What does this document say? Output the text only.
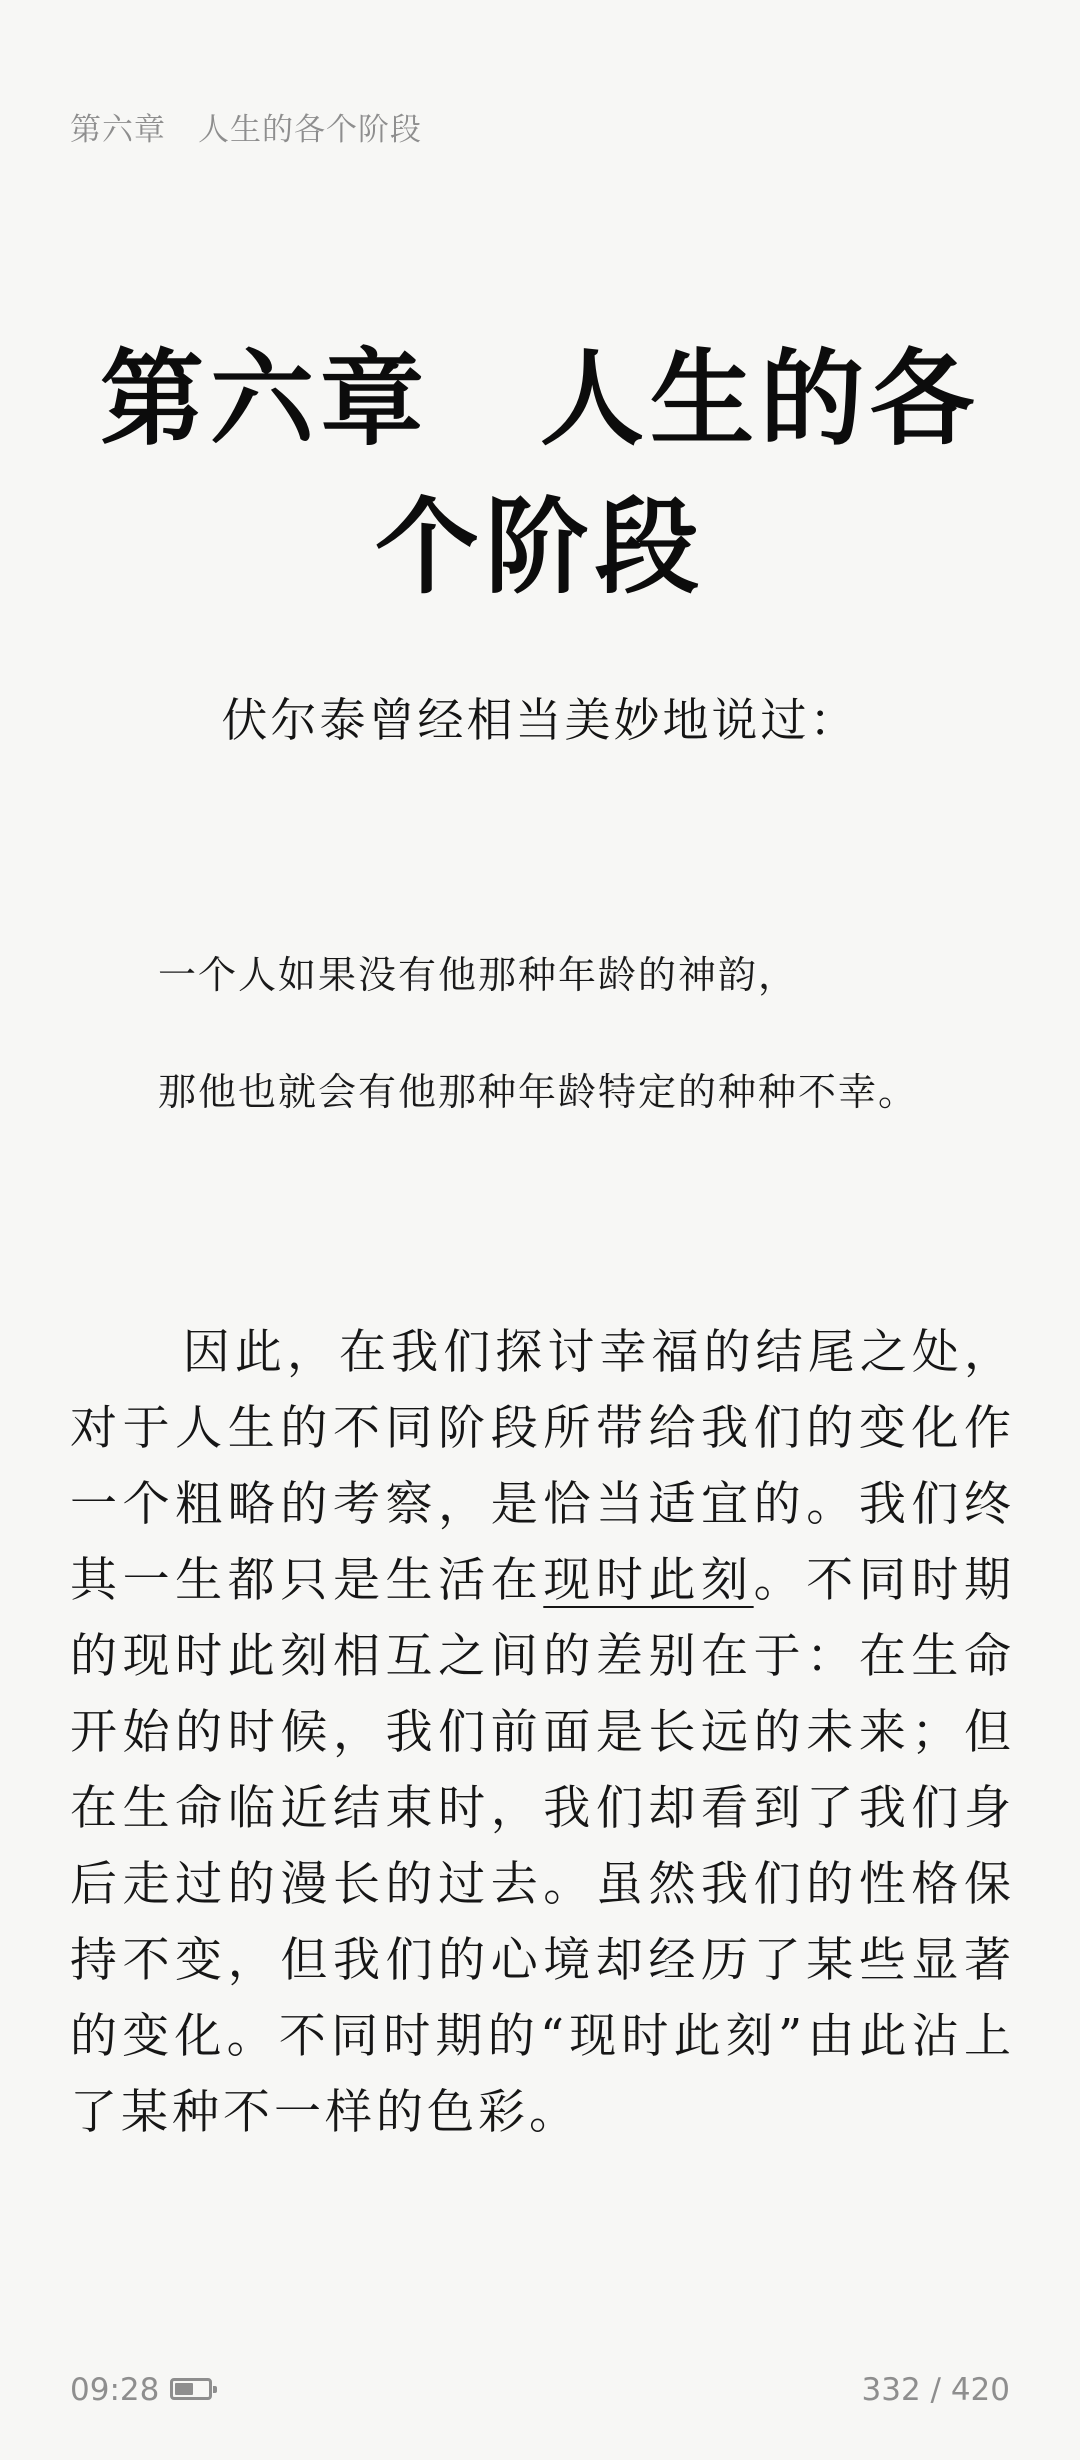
第六章　人生的各个阶段
第六章　人生的各个阶段
伏尔泰曾经相当美妙地说过：
一个人如果没有他那种年龄的神韵，
那他也就会有他那种年龄特定的种种不幸。

因此，在我们探讨幸福的结尾之处，对于人生的不同阶段所带给我们的变化作一个粗略的考察，是恰当适宜的。我们终其一生都只是生活在现时此刻。不同时期的现时此刻相互之间的差别在于：在生命开始的时候，我们前面是长远的未来；但在生命临近结束时，我们却看到了我们身后走过的漫长的过去。虽然我们的性格保持不变，但我们的心境却经历了某些显著的变化。不同时期的“现时此刻”由此沾上了某种不一样的色彩。

09:28	332 / 420
